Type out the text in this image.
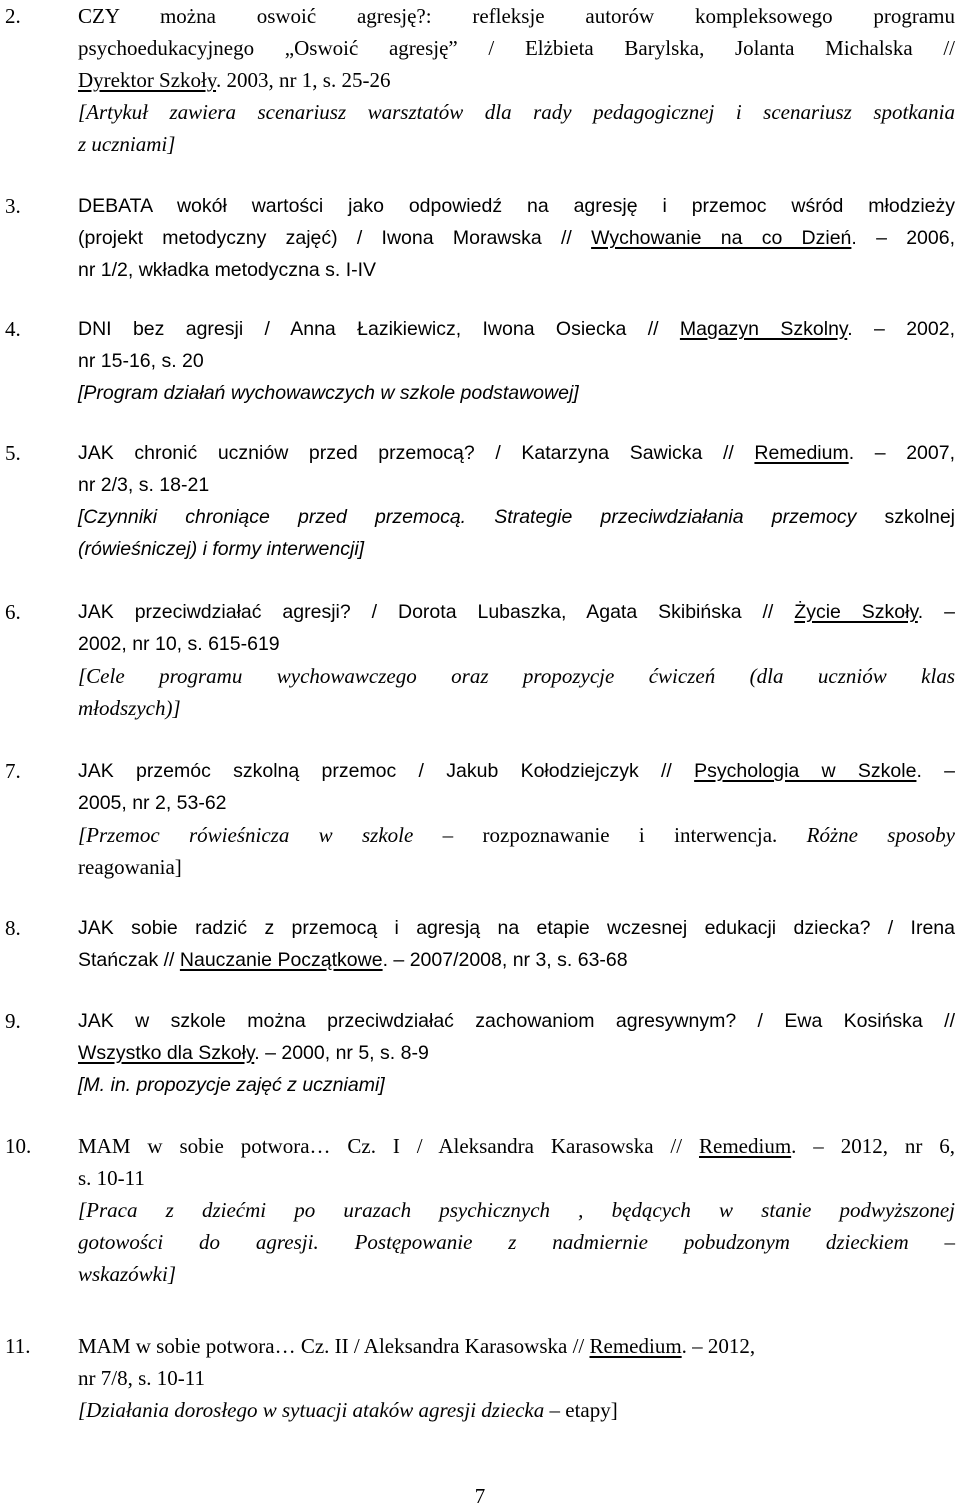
2.	CZY można oswoić agresję?: refleksje autorów kompleksowego programu
psychoedukacyjnego „Oswoić agresję” / Elżbieta Barylska, Jolanta Michalska //
Dyrektor Szkoły. 2003, nr 1, s. 25-26
[Artykuł zawiera scenariusz warsztatów dla rady pedagogicznej i scenariusz spotkania
z uczniami]
3.	DEBATA wokół wartości jako odpowiedź na agresję i przemoc wśród młodzieży
(projekt metodyczny zajęć) / Iwona Morawska // Wychowanie na co Dzień. – 2006,
nr 1/2, wkładka metodyczna s. I-IV
4.	DNI bez agresji / Anna Łazikiewicz, Iwona Osiecka // Magazyn Szkolny. – 2002,
nr 15-16, s. 20
[Program działań wychowawczych w szkole podstawowej]
5.	JAK chronić uczniów przed przemocą? / Katarzyna Sawicka // Remedium. – 2007,
nr 2/3, s. 18-21
[Czynniki chroniące przed przemocą. Strategie przeciwdziałania przemocy szkolnej
(rówieśniczej) i formy interwencji]
6.	JAK przeciwdziałać agresji? / Dorota Lubaszka, Agata Skibińska // Życie Szkoły. –
2002, nr 10, s. 615-619
[Cele programu wychowawczego oraz propozycje ćwiczeń (dla uczniów klas
młodszych)]
7.	JAK przemóc szkolną przemoc / Jakub Kołodziejczyk // Psychologia w Szkole. –
2005, nr 2, 53-62
[Przemoc rówieśnicza w szkole – rozpoznawanie i interwencja. Różne sposoby
reagowania]
8.	JAK sobie radzić z przemocą i agresją na etapie wczesnej edukacji dziecka? / Irena
Stańczak // Nauczanie Początkowe. – 2007/2008, nr 3, s. 63-68
9.	JAK w szkole można przeciwdziałać zachowaniom agresywnym? / Ewa Kosińska //
Wszystko dla Szkoły. – 2000, nr 5, s. 8-9
[M. in. propozycje zajęć z uczniami]
10. MAM w sobie potwora… Cz. I / Aleksandra Karasowska // Remedium. – 2012, nr 6,
s. 10-11
[Praca z dziećmi po urazach psychicznych , będących w stanie podwyższonej
gotowości do agresji. Postępowanie z nadmiernie pobudzonym dzieckiem –
wskazówki]
11. MAM w sobie potwora… Cz. II / Aleksandra Karasowska // Remedium. – 2012,
nr 7/8, s. 10-11
[Działania dorosłego w sytuacji ataków agresji dziecka – etapy]
7
